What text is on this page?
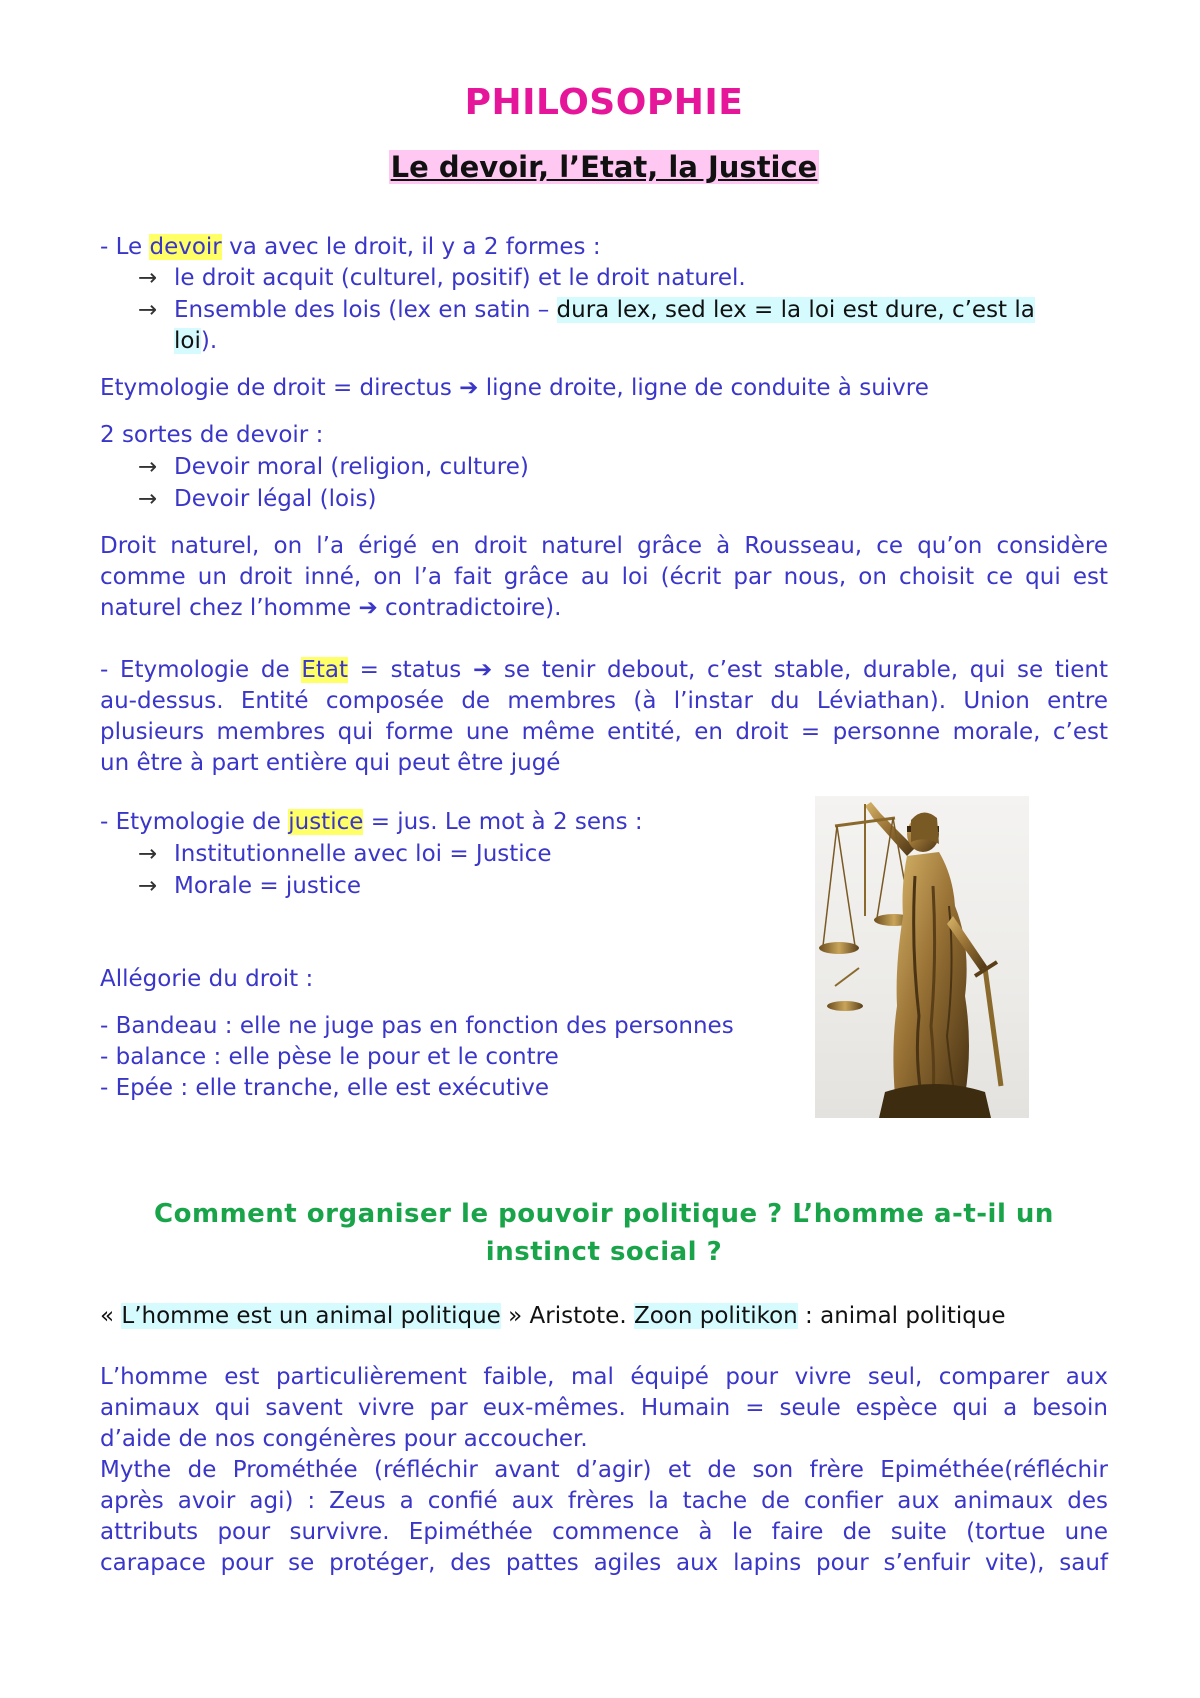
PHILOSOPHIE
Le devoir, l’Etat, la Justice
- Le devoir va avec le droit, il y a 2 formes :
→ le droit acquit (culturel, positif) et le droit naturel.
→ Ensemble des lois (lex en satin – dura lex, sed lex = la loi est dure, c’est la
loi).
Etymologie de droit = directus ➔ ligne droite, ligne de conduite à suivre
2 sortes de devoir :
→ Devoir moral (religion, culture)
→ Devoir légal (lois)
Droit naturel, on l’a érigé en droit naturel grâce à Rousseau, ce qu’on considère
comme un droit inné, on l’a fait grâce au loi (écrit par nous, on choisit ce qui est
naturel chez l’homme ➔ contradictoire).
- Etymologie de Etat = status ➔ se tenir debout, c’est stable, durable, qui se tient
au-dessus. Entité composée de membres (à l’instar du Léviathan). Union entre
plusieurs membres qui forme une même entité, en droit = personne morale, c’est
un être à part entière qui peut être jugé
- Etymologie de justice = jus. Le mot à 2 sens :
→ Institutionnelle avec loi = Justice
→ Morale = justice
Allégorie du droit :
- Bandeau : elle ne juge pas en fonction des personnes
- balance : elle pèse le pour et le contre
- Epée : elle tranche, elle est exécutive
Comment organiser le pouvoir politique ? L’homme a-t-il un
instinct social ?
« L’homme est un animal politique » Aristote. Zoon politikon : animal politique
L’homme est particulièrement faible, mal équipé pour vivre seul, comparer aux
animaux qui savent vivre par eux-mêmes. Humain = seule espèce qui a besoin
d’aide de nos congénères pour accoucher.
Mythe de Prométhée (réfléchir avant d’agir) et de son frère Epiméthée(réfléchir
après avoir agi) : Zeus a confié aux frères la tache de confier aux animaux des
attributs pour survivre. Epiméthée commence à le faire de suite (tortue une
carapace pour se protéger, des pattes agiles aux lapins pour s’enfuir vite), sauf
